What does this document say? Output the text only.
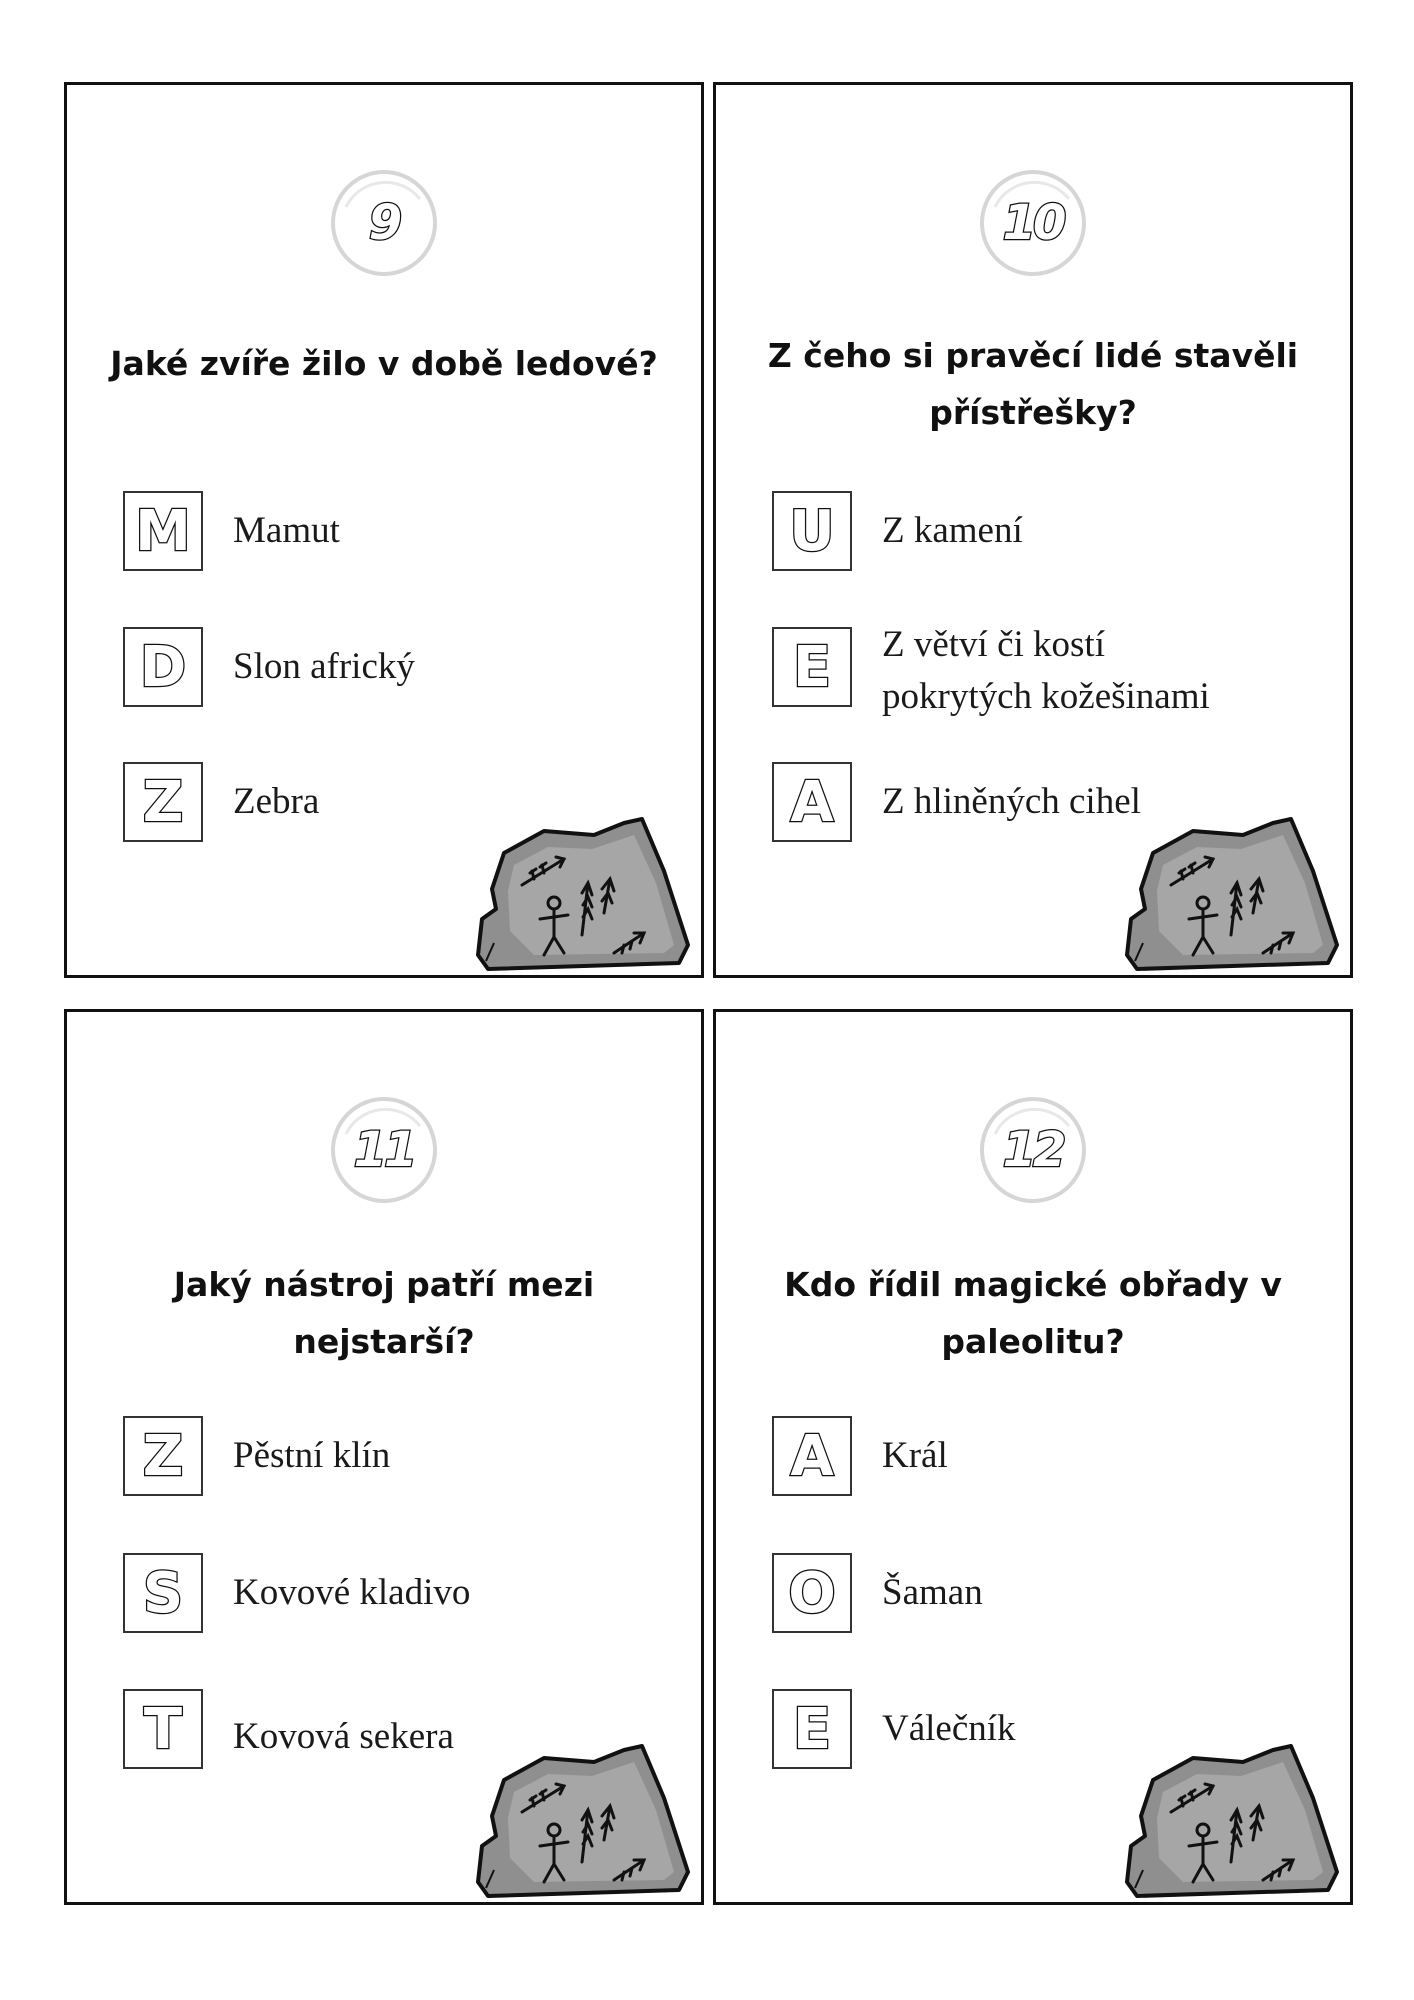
9
Jaké zvíře žilo v době ledové?
M	Mamut
D	Slon africký
Z	Zebra
10
Z čeho si pravěcí lidé stavěli přístřešky?
U	Z kamení
E	Z větví či kostí pokrytých kožešinami
A	Z hliněných cihel
11
Jaký nástroj patří mezi nejstarší?
Z	Pěstní klín
S	Kovové kladivo
T	Kovová sekera
12
Kdo řídil magické obřady v paleolitu?
A	Král
O	Šaman
E	Válečník
